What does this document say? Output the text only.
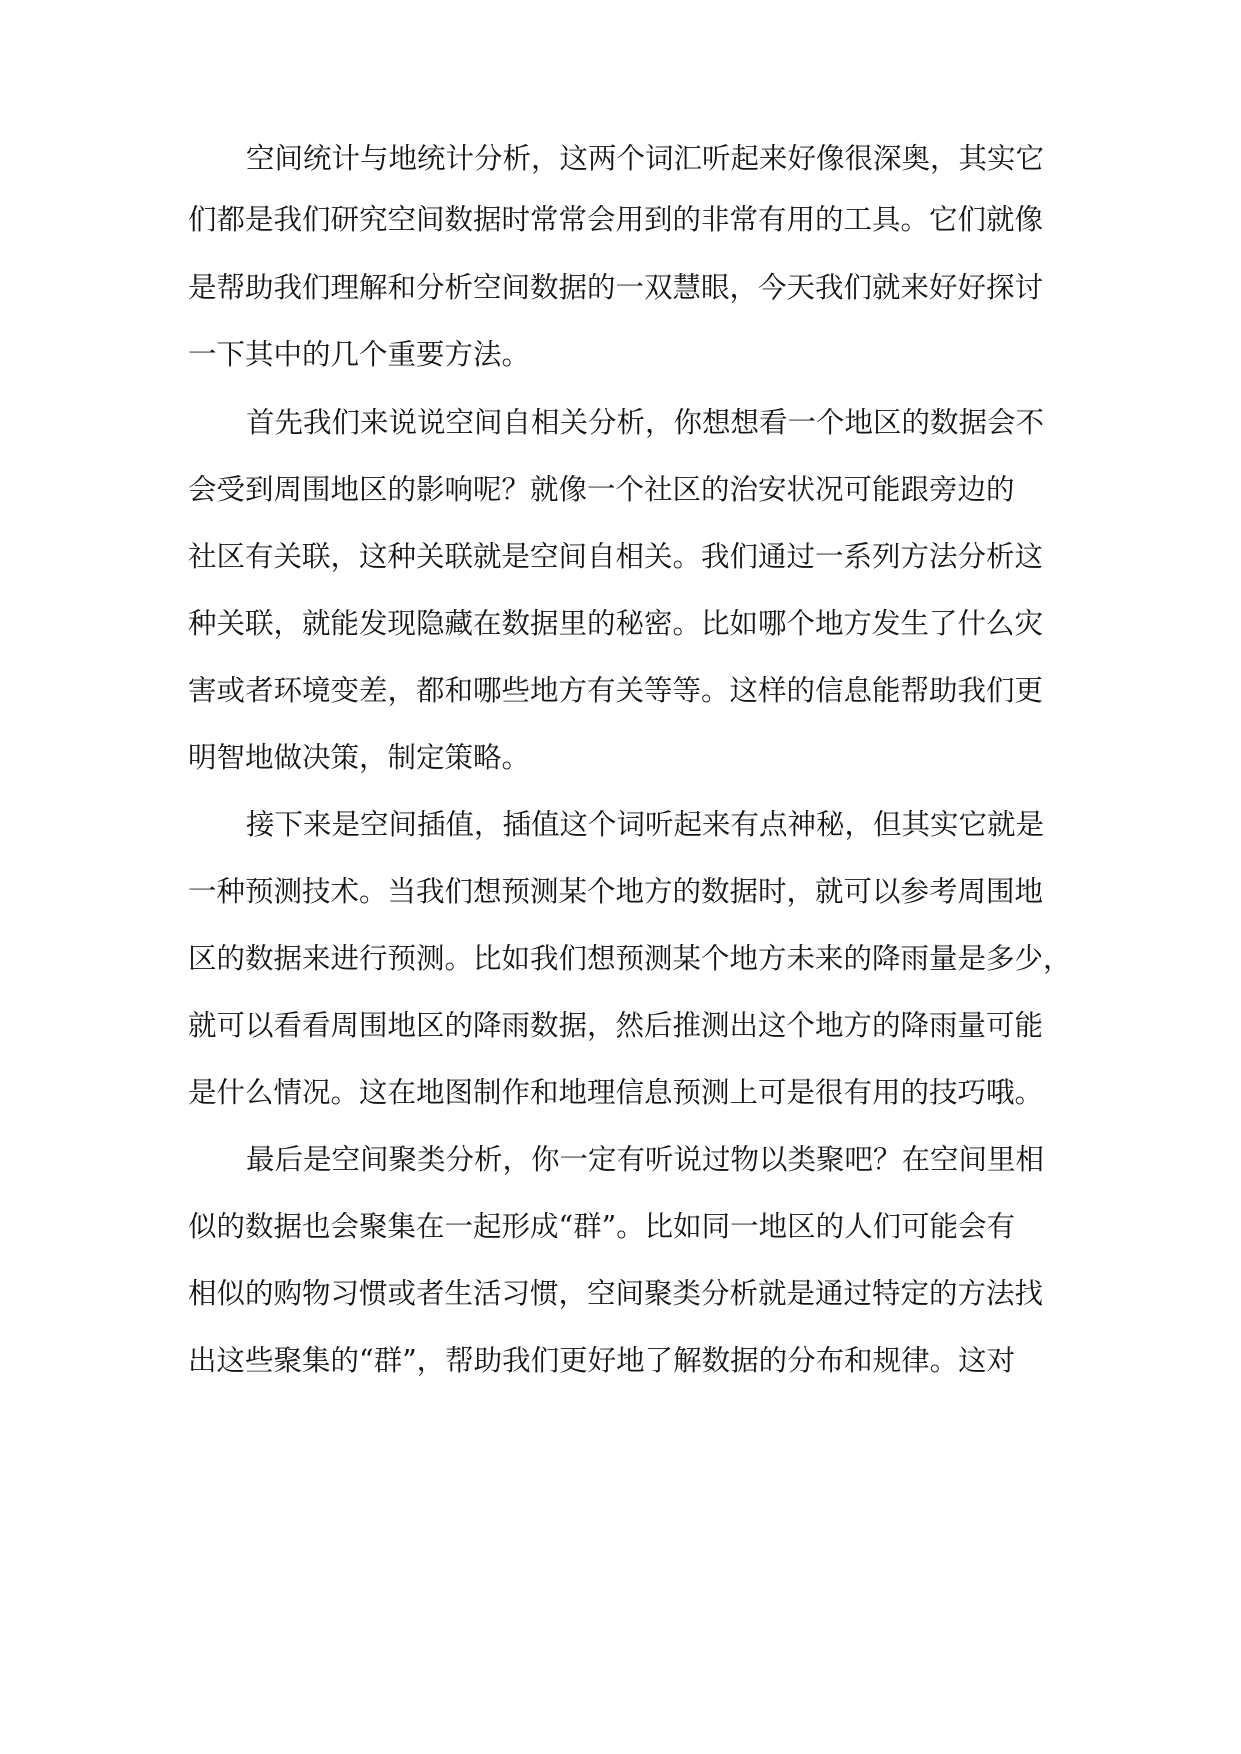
空间统计与地统计分析，这两个词汇听起来好像很深奥，其实它
们都是我们研究空间数据时常常会用到的非常有用的工具。它们就像
是帮助我们理解和分析空间数据的一双慧眼，今天我们就来好好探讨
一下其中的几个重要方法。
首先我们来说说空间自相关分析，你想想看一个地区的数据会不
会受到周围地区的影响呢？就像一个社区的治安状况可能跟旁边的
社区有关联，这种关联就是空间自相关。我们通过一系列方法分析这
种关联，就能发现隐藏在数据里的秘密。比如哪个地方发生了什么灾
害或者环境变差，都和哪些地方有关等等。这样的信息能帮助我们更
明智地做决策，制定策略。
接下来是空间插值，插值这个词听起来有点神秘，但其实它就是
一种预测技术。当我们想预测某个地方的数据时，就可以参考周围地
区的数据来进行预测。比如我们想预测某个地方未来的降雨量是多少，
就可以看看周围地区的降雨数据，然后推测出这个地方的降雨量可能
是什么情况。这在地图制作和地理信息预测上可是很有用的技巧哦。
最后是空间聚类分析，你一定有听说过物以类聚吧？在空间里相
似的数据也会聚集在一起形成“群”。比如同一地区的人们可能会有
相似的购物习惯或者生活习惯，空间聚类分析就是通过特定的方法找
出这些聚集的“群”，帮助我们更好地了解数据的分布和规律。这对
